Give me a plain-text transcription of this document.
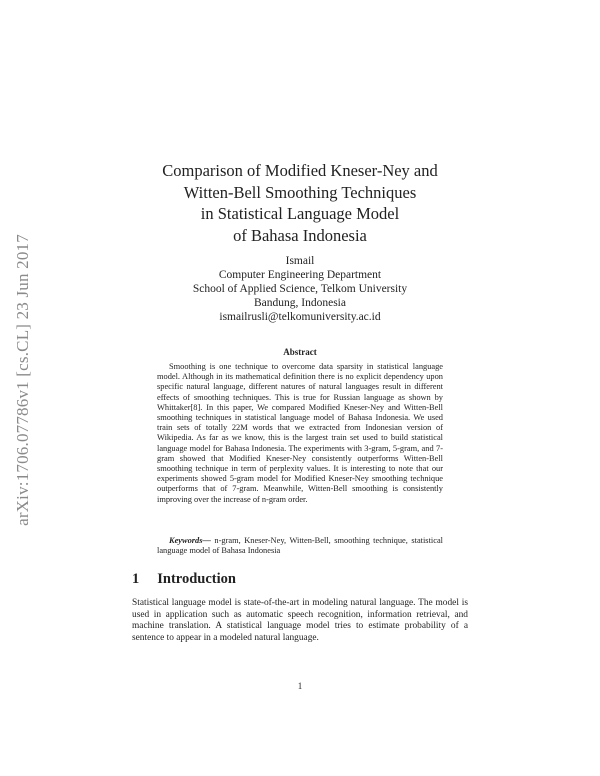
arXiv:1706.07786v1 [cs.CL] 23 Jun 2017
Comparison of Modified Kneser-Ney and
Witten-Bell Smoothing Techniques
in Statistical Language Model
of Bahasa Indonesia
Ismail
Computer Engineering Department
School of Applied Science, Telkom University
Bandung, Indonesia
ismailrusli@telkomuniversity.ac.id
Abstract
Smoothing is one technique to overcome data sparsity in statistical language model. Although in its mathematical definition there is no explicit dependency upon specific natural language, different natures of natural languages result in different effects of smoothing techniques. This is true for Russian language as shown by Whittaker[8]. In this paper, We compared Modified Kneser-Ney and Witten-Bell smoothing techniques in statistical language model of Bahasa Indonesia. We used train sets of totally 22M words that we extracted from Indonesian version of Wikipedia. As far as we know, this is the largest train set used to build statistical language model for Bahasa Indonesia. The experiments with 3-gram, 5-gram, and 7-gram showed that Modified Kneser-Ney consistently outperforms Witten-Bell smoothing technique in term of perplexity values. It is interesting to note that our experiments showed 5-gram model for Modified Kneser-Ney smoothing technique outperforms that of 7-gram. Meanwhile, Witten-Bell smoothing is consistently improving over the increase of n-gram order.
Keywords— n-gram, Kneser-Ney, Witten-Bell, smoothing technique, statistical language model of Bahasa Indonesia
1 Introduction
Statistical language model is state-of-the-art in modeling natural language. The model is used in application such as automatic speech recognition, information retrieval, and machine translation. A statistical language model tries to estimate probability of a sentence to appear in a modeled natural language.
1
